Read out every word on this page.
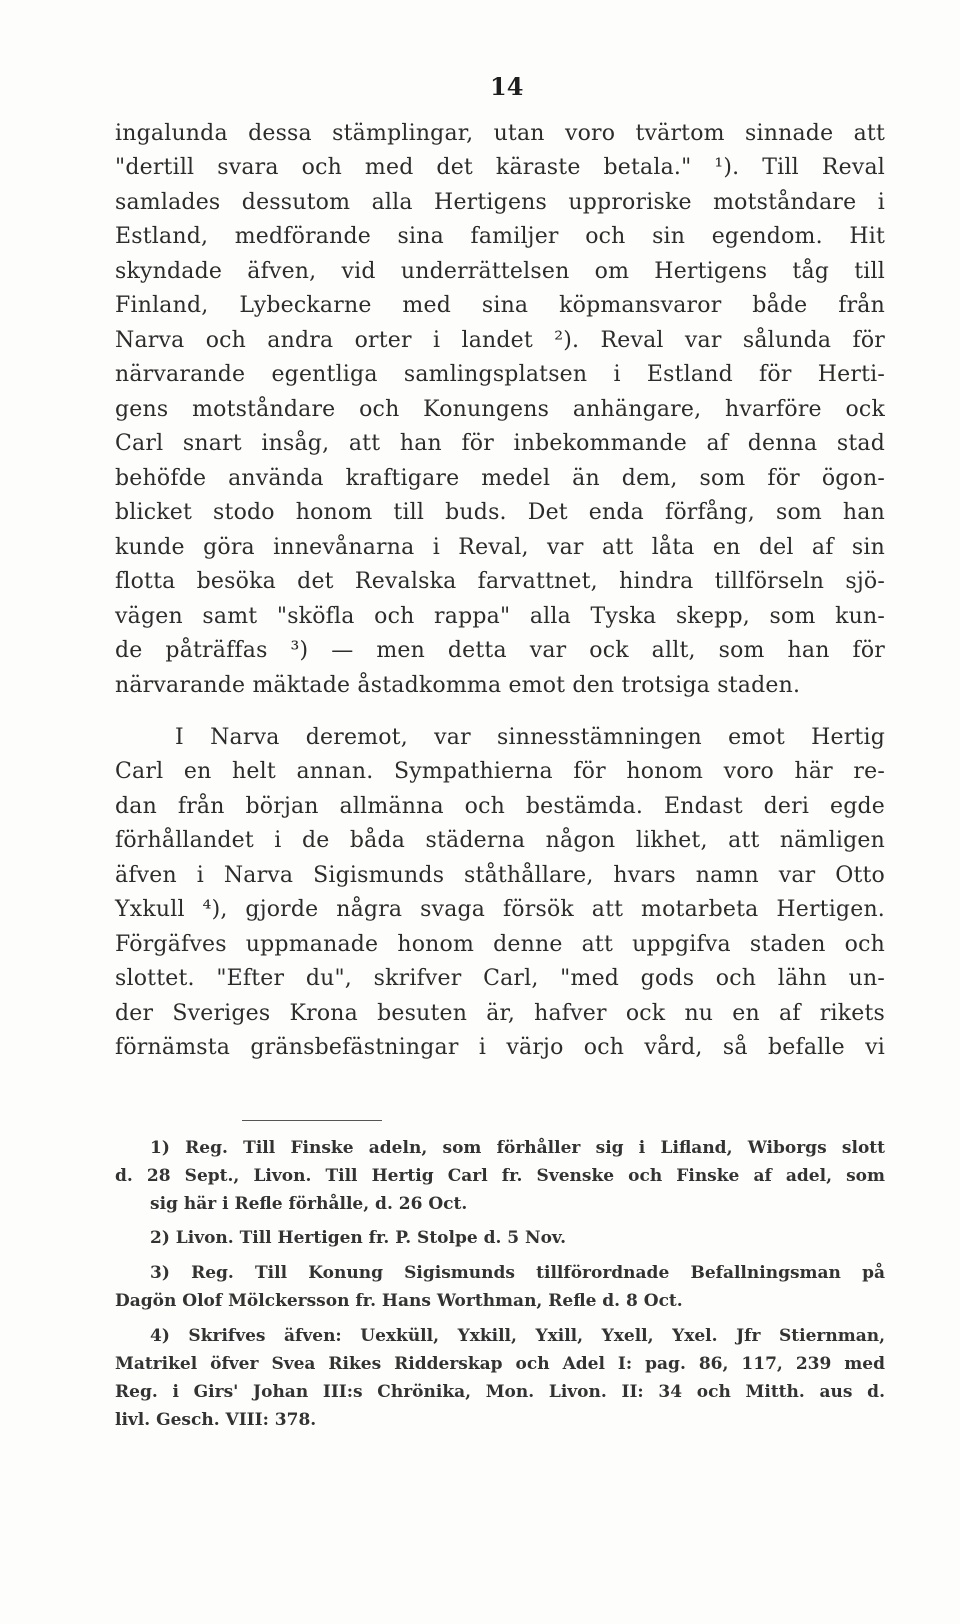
14
ingalunda dessa stämplingar, utan voro tvärtom sinnade att
"dertill svara och med det käraste betala." ¹). Till Reval
samlades dessutom alla Hertigens upproriske motståndare i
Estland, medförande sina familjer och sin egendom. Hit
skyndade äfven, vid underrättelsen om Hertigens tåg till
Finland, Lybeckarne med sina köpmansvaror både från
Narva och andra orter i landet ²). Reval var sålunda för
närvarande egentliga samlingsplatsen i Estland för Herti-
gens motståndare och Konungens anhängare, hvarföre ock
Carl snart insåg, att han för inbekommande af denna stad
behöfde använda kraftigare medel än dem, som för ögon-
blicket stodo honom till buds. Det enda förfång, som han
kunde göra innevånarna i Reval, var att låta en del af sin
flotta besöka det Revalska farvattnet, hindra tillförseln sjö-
vägen samt "sköfla och rappa" alla Tyska skepp, som kun-
de påträffas ³) — men detta var ock allt, som han för
närvarande mäktade åstadkomma emot den trotsiga staden.
I Narva deremot, var sinnesstämningen emot Hertig
Carl en helt annan. Sympathierna för honom voro här re-
dan från början allmänna och bestämda. Endast deri egde
förhållandet i de båda städerna någon likhet, att nämligen
äfven i Narva Sigismunds ståthållare, hvars namn var Otto
Yxkull ⁴), gjorde några svaga försök att motarbeta Hertigen.
Förgäfves uppmanade honom denne att uppgifva staden och
slottet. "Efter du", skrifver Carl, "med gods och lähn un-
der Sveriges Krona besuten är, hafver ock nu en af rikets
förnämsta gränsbefästningar i värjo och vård, så befalle vi
1) Reg. Till Finske adeln, som förhåller sig i Lifland, Wiborgs slott
d. 28 Sept., Livon. Till Hertig Carl fr. Svenske och Finske af adel, som
sig här i Refle förhålle, d. 26 Oct.
2) Livon. Till Hertigen fr. P. Stolpe d. 5 Nov.
3) Reg. Till Konung Sigismunds tillförordnade Befallningsman på
Dagön Olof Mölckersson fr. Hans Worthman, Refle d. 8 Oct.
4) Skrifves äfven: Uexküll, Yxkill, Yxill, Yxell, Yxel. Jfr Stiernman,
Matrikel öfver Svea Rikes Ridderskap och Adel I: pag. 86, 117, 239 med
Reg. i Girs' Johan III:s Chrönika, Mon. Livon. II: 34 och Mitth. aus d.
livl. Gesch. VIII: 378.
